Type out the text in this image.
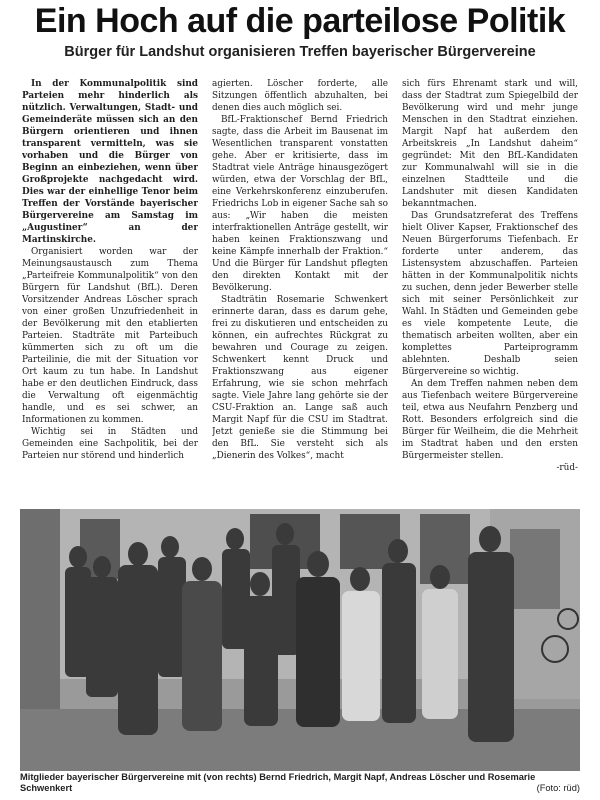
Ein Hoch auf die parteilose Politik
Bürger für Landshut organisieren Treffen bayerischer Bürgervereine

In der Kommunalpolitik sind Parteien mehr hinderlich als nützlich. Verwaltungen, Stadt- und Gemeinderäte müssen sich an den Bürgern orientieren und ihnen transparent vermitteln, was sie vorhaben und die Bürger von Beginn an einbeziehen, wenn über Großprojekte nachgedacht wird. Dies war der einhellige Tenor beim Treffen der Vorstände bayerischer Bürgervereine am Samstag im „Augustiner“ an der Martinskirche.

Organisiert worden war der Meinungsaustausch zum Thema „Parteifreie Kommunalpolitik“ von den Bürgern für Landshut (BfL). Deren Vorsitzender Andreas Löscher sprach von einer großen Unzufriedenheit in der Bevölkerung mit den etablierten Parteien. Stadträte mit Parteibuch kümmerten sich zu oft um die Parteilinie, die mit der Situation vor Ort kaum zu tun habe. In Landshut habe er den deutlichen Eindruck, dass die Verwaltung oft eigenmächtig handle, und es sei schwer, an Informationen zu kommen.

Wichtig sei in Städten und Gemeinden eine Sachpolitik, bei der Parteien nur störend und hinderlich

agierten. Löscher forderte, alle Sitzungen öffentlich abzuhalten, bei denen dies auch möglich sei.

BfL-Fraktionschef Bernd Friedrich sagte, dass die Arbeit im Bausenat im Wesentlichen transparent vonstatten gehe. Aber er kritisierte, dass im Stadtrat viele Anträge hinausgezögert würden, etwa der Vorschlag der BfL, eine Verkehrskonferenz einzuberufen. Friedrichs Lob in eigener Sache sah so aus: „Wir haben die meisten interfraktionellen Anträge gestellt, wir haben keinen Fraktionszwang und keine Kämpfe innerhalb der Fraktion.“ Und die Bürger für Landshut pflegten den direkten Kontakt mit der Bevölkerung.

Stadträtin Rosemarie Schwenkert erinnerte daran, dass es darum gehe, frei zu diskutieren und entscheiden zu können, ein aufrechtes Rückgrat zu bewahren und Courage zu zeigen. Schwenkert kennt Druck und Fraktionszwang aus eigener Erfahrung, wie sie schon mehrfach sagte. Viele Jahre lang gehörte sie der CSU-Fraktion an. Lange saß auch Margit Napf für die CSU im Stadtrat. Jetzt genieße sie die Stimmung bei den BfL. Sie versteht sich als „Dienerin des Volkes“, macht

sich fürs Ehrenamt stark und will, dass der Stadtrat zum Spiegelbild der Bevölkerung wird und mehr junge Menschen in den Stadtrat einziehen. Margit Napf hat außerdem den Arbeitskreis „In Landshut daheim“ gegründet: Mit den BfL-Kandidaten zur Kommunalwahl will sie in die einzelnen Stadtteile und die Landshuter mit diesen Kandidaten bekanntmachen.

Das Grundsatzreferat des Treffens hielt Oliver Kapser, Fraktionschef des Neuen Bürgerforums Tiefenbach. Er forderte unter anderem, das Listensystem abzuschaffen. Parteien hätten in der Kommunalpolitik nichts zu suchen, denn jeder Bewerber stelle sich mit seiner Persönlichkeit zur Wahl. In Städten und Gemeinden gebe es viele kompetente Leute, die thematisch arbeiten wollten, aber ein komplettes Parteiprogramm ablehnten. Deshalb seien Bürgervereine so wichtig.

An dem Treffen nahmen neben dem aus Tiefenbach weitere Bürgervereine teil, etwa aus Neufahrn Penzberg und Rott. Besonders erfolgreich sind die Bürger für Weilheim, die die Mehrheit im Stadtrat haben und den ersten Bürgermeister stellen.

-rüd-

Mitglieder bayerischer Bürgervereine mit (von rechts) Bernd Friedrich, Margit Napf, Andreas Löscher und Rosemarie Schwenkert	(Foto: rüd)
